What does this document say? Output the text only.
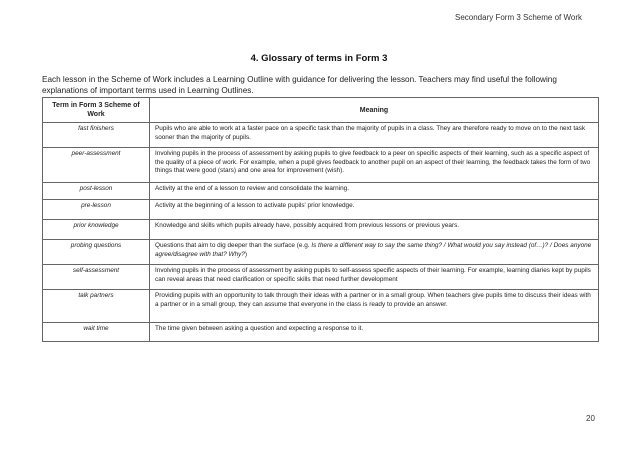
Secondary Form 3 Scheme of Work
4. Glossary of terms in Form 3
Each lesson in the Scheme of Work includes a Learning Outline with guidance for delivering the lesson. Teachers may find useful the following explanations of important terms used in Learning Outlines.
Term in Form 3 Scheme of Work	Meaning
fast finishers	Pupils who are able to work at a faster pace on a specific task than the majority of pupils in a class. They are therefore ready to move on to the next task sooner than the majority of pupils.
peer-assessment	Involving pupils in the process of assessment by asking pupils to give feedback to a peer on specific aspects of their learning, such as a specific aspect of the quality of a piece of work. For example, when a pupil gives feedback to another pupil on an aspect of their learning, the feedback takes the form of two things that were good (stars) and one area for improvement (wish).
post-lesson	Activity at the end of a lesson to review and consolidate the learning.
pre-lesson	Activity at the beginning of a lesson to activate pupils' prior knowledge.
prior knowledge	Knowledge and skills which pupils already have, possibly acquired from previous lessons or previous years.
probing questions	Questions that aim to dig deeper than the surface (e.g. Is there a different way to say the same thing? / What would you say instead (of…)? / Does anyone agree/disagree with that? Why?)
self-assessment	Involving pupils in the process of assessment by asking pupils to self-assess specific aspects of their learning. For example, learning diaries kept by pupils can reveal areas that need clarification or specific skills that need further development
talk partners	Providing pupils with an opportunity to talk through their ideas with a partner or in a small group. When teachers give pupils time to discuss their ideas with a partner or in a small group, they can assume that everyone in the class is ready to provide an answer.
wait time	The time given between asking a question and expecting a response to it.
20
